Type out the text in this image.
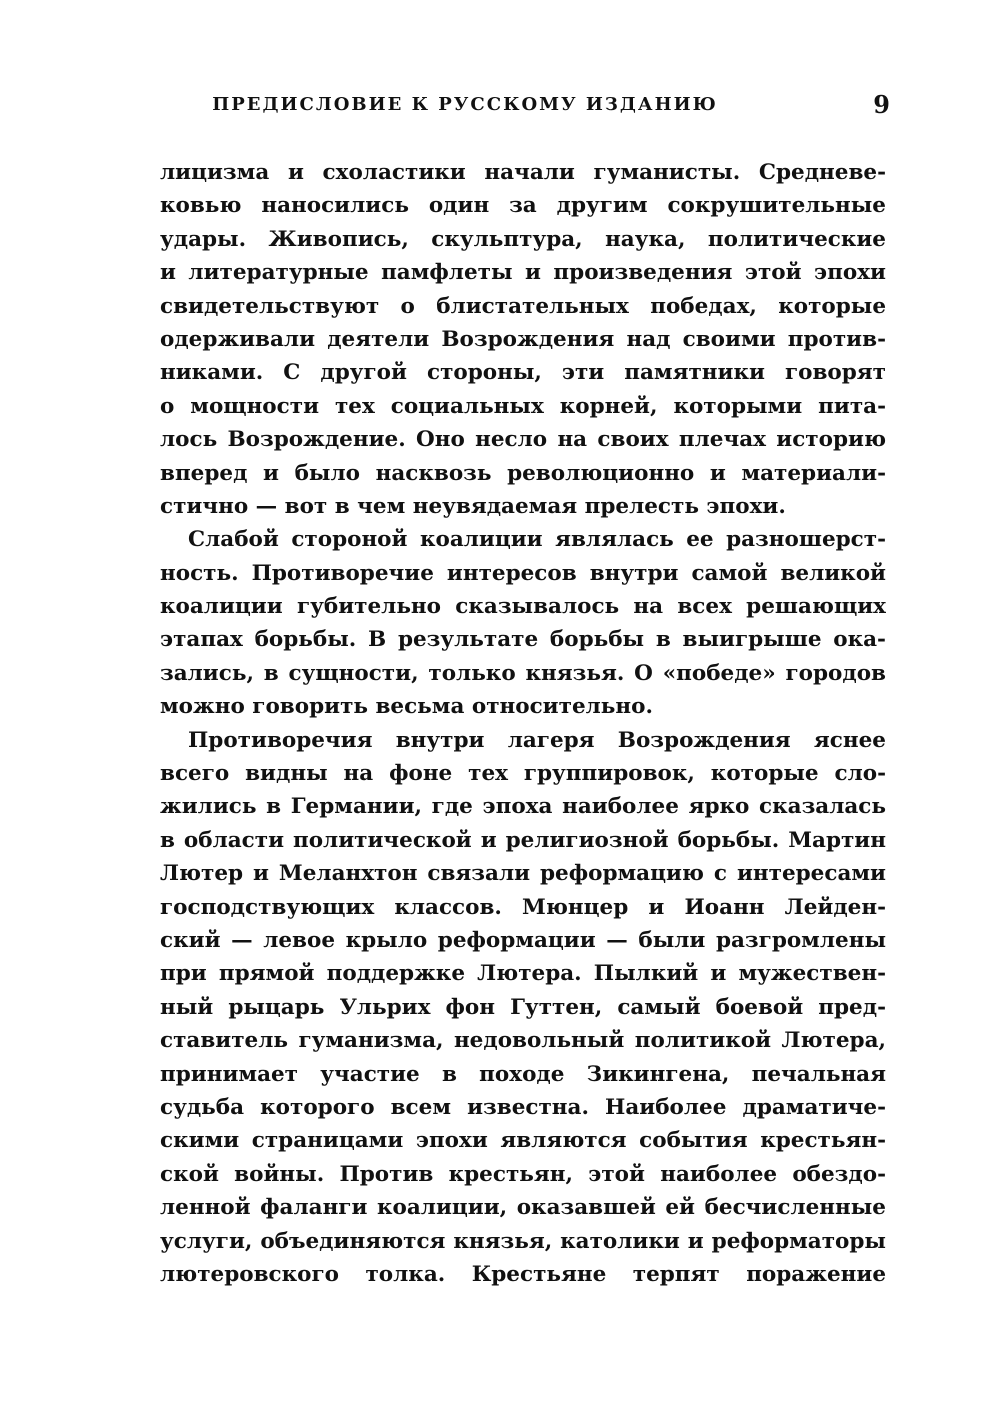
ПРЕДИСЛОВИЕ К РУССКОМУ ИЗДАНИЮ	9
лицизма и схоластики начали гуманисты. Средневе-
ковью наносились один за другим сокрушительные
удары. Живопись, скульптура, наука, политические
и литературные памфлеты и произведения этой эпохи
свидетельствуют о блистательных победах, которые
одерживали деятели Возрождения над своими против-
никами. С другой стороны, эти памятники говорят
о мощности тех социальных корней, которыми пита-
лось Возрождение. Оно несло на своих плечах историю
вперед и было насквозь революционно и материали-
стично — вот в чем неувядаемая прелесть эпохи.
Слабой стороной коалиции являлась ее разношерст-
ность. Противоречие интересов внутри самой великой
коалиции губительно сказывалось на всех решающих
этапах борьбы. В результате борьбы в выигрыше ока-
зались, в сущности, только князья. О «победе» городов
можно говорить весьма относительно.
Противоречия внутри лагеря Возрождения яснее
всего видны на фоне тех группировок, которые сло-
жились в Германии, где эпоха наиболее ярко сказалась
в области политической и религиозной борьбы. Мартин
Лютер и Меланхтон связали реформацию с интересами
господствующих классов. Мюнцер и Иоанн Лейден-
ский — левое крыло реформации — были разгромлены
при прямой поддержке Лютера. Пылкий и мужествен-
ный рыцарь Ульрих фон Гуттен, самый боевой пред-
ставитель гуманизма, недовольный политикой Лютера,
принимает участие в походе Зикингена, печальная
судьба которого всем известна. Наиболее драматиче-
скими страницами эпохи являются события крестьян-
ской войны. Против крестьян, этой наиболее обездо-
ленной фаланги коалиции, оказавшей ей бесчисленные
услуги, объединяются князья, католики и реформаторы
лютеровского толка. Крестьяне терпят поражение
